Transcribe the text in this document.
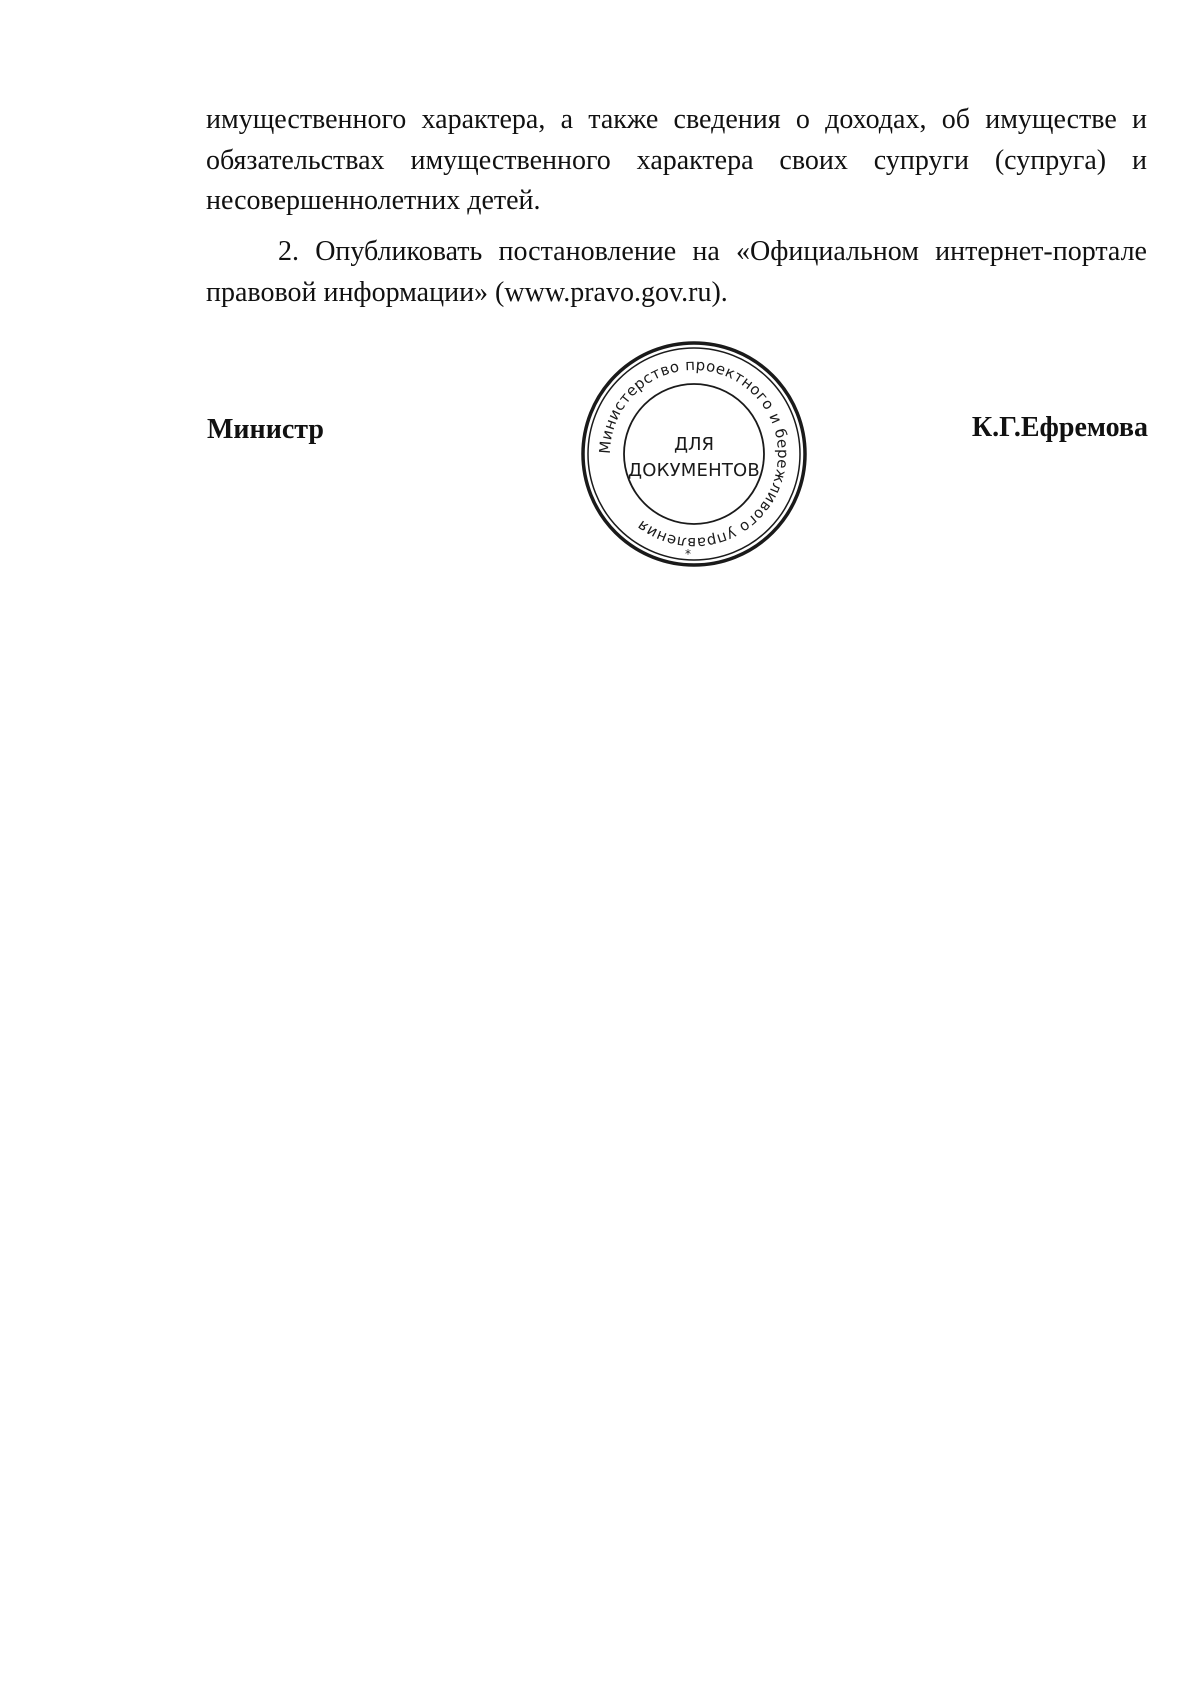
имущественного характера, а также сведения о доходах, об имуществе и
обязательствах имущественного характера своих супруги (супруга) и
несовершеннолетних детей.
2. Опубликовать постановление на «Официальном интернет-портале
правовой информации» (www.pravo.gov.ru).
Министр
Министерство проектного и бережливого управления
*
ДЛЯ
ДОКУМЕНТОВ
К.Г.Ефремова
